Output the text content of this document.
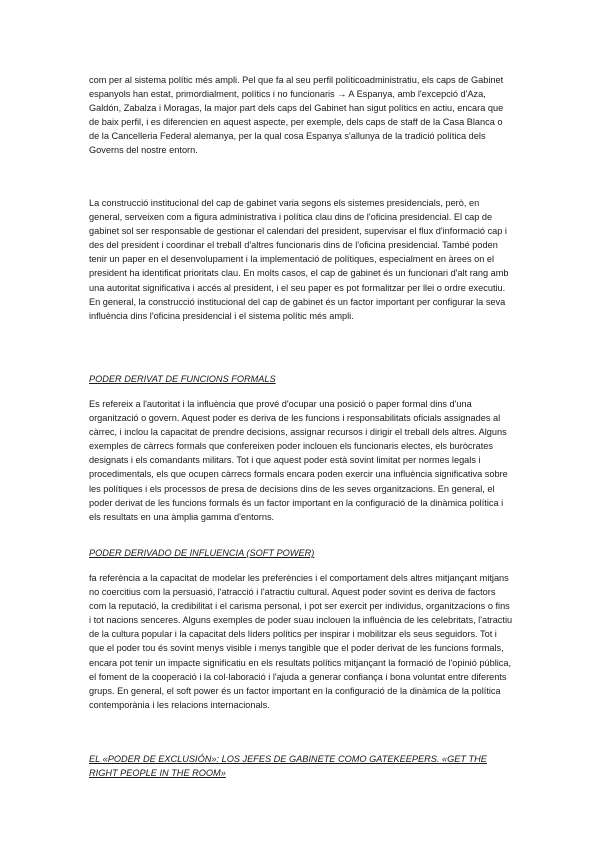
com per al sistema polític més ampli. Pel que fa al seu perfil políticoadministratiu, els caps de Gabinet espanyols han estat, primordialment, polítics i no funcionaris → A Espanya, amb l'excepció d'Aza, Galdón, Zabalza i Moragas, la major part dels caps del Gabinet han sigut polítics en actiu, encara que de baix perfil, i es diferencien en aquest aspecte, per exemple, dels caps de staff de la Casa Blanca o de la Cancelleria Federal alemanya, per la qual cosa Espanya s'allunya de la tradició política dels Governs del nostre entorn.

La construcció institucional del cap de gabinet varia segons els sistemes presidencials, però, en general, serveixen com a figura administrativa i política clau dins de l'oficina presidencial. El cap de gabinet sol ser responsable de gestionar el calendari del president, supervisar el flux d'informació cap i des del president i coordinar el treball d'altres funcionaris dins de l'oficina presidencial. També poden tenir un paper en el desenvolupament i la implementació de polítiques, especialment en àrees on el president ha identificat prioritats clau. En molts casos, el cap de gabinet és un funcionari d'alt rang amb una autoritat significativa i accés al president, i el seu paper es pot formalitzar per llei o ordre executiu. En general, la construcció institucional del cap de gabinet és un factor important per configurar la seva influència dins l'oficina presidencial i el sistema polític més ampli.

PODER DERIVAT DE FUNCIONS FORMALS

Es refereix a l'autoritat i la influència que prové d'ocupar una posició o paper formal dins d'una organització o govern. Aquest poder es deriva de les funcions i responsabilitats oficials assignades al càrrec, i inclou la capacitat de prendre decisions, assignar recursos i dirigir el treball dels altres. Alguns exemples de càrrecs formals que confereixen poder inclouen els funcionaris electes, els buròcrates designats i els comandants militars. Tot i que aquest poder està sovint limitat per normes legals i procedimentals, els que ocupen càrrecs formals encara poden exercir una influència significativa sobre les polítiques i els processos de presa de decisions dins de les seves organitzacions. En general, el poder derivat de les funcions formals és un factor important en la configuració de la dinàmica política i els resultats en una àmplia gamma d'entorns.

PODER DERIVADO DE INFLUENCIA (SOFT POWER)

fa referència a la capacitat de modelar les preferències i el comportament dels altres mitjançant mitjans no coercitius com la persuasió, l'atracció i l'atractiu cultural. Aquest poder sovint es deriva de factors com la reputació, la credibilitat i el carisma personal, i pot ser exercit per individus, organitzacions o fins i tot nacions senceres. Alguns exemples de poder suau inclouen la influència de les celebritats, l'atractiu de la cultura popular i la capacitat dels líders polítics per inspirar i mobilitzar els seus seguidors. Tot i que el poder tou és sovint menys visible i menys tangible que el poder derivat de les funcions formals, encara pot tenir un impacte significatiu en els resultats polítics mitjançant la formació de l'opinió pública, el foment de la cooperació i la col·laboració i l'ajuda a generar confiança i bona voluntat entre diferents grups. En general, el soft power és un factor important en la configuració de la dinàmica de la política contemporània i les relacions internacionals.

EL «PODER DE EXCLUSIÓN»: LOS JEFES DE GABINETE COMO GATEKEEPERS. «GET THE RIGHT PEOPLE IN THE ROOM»
